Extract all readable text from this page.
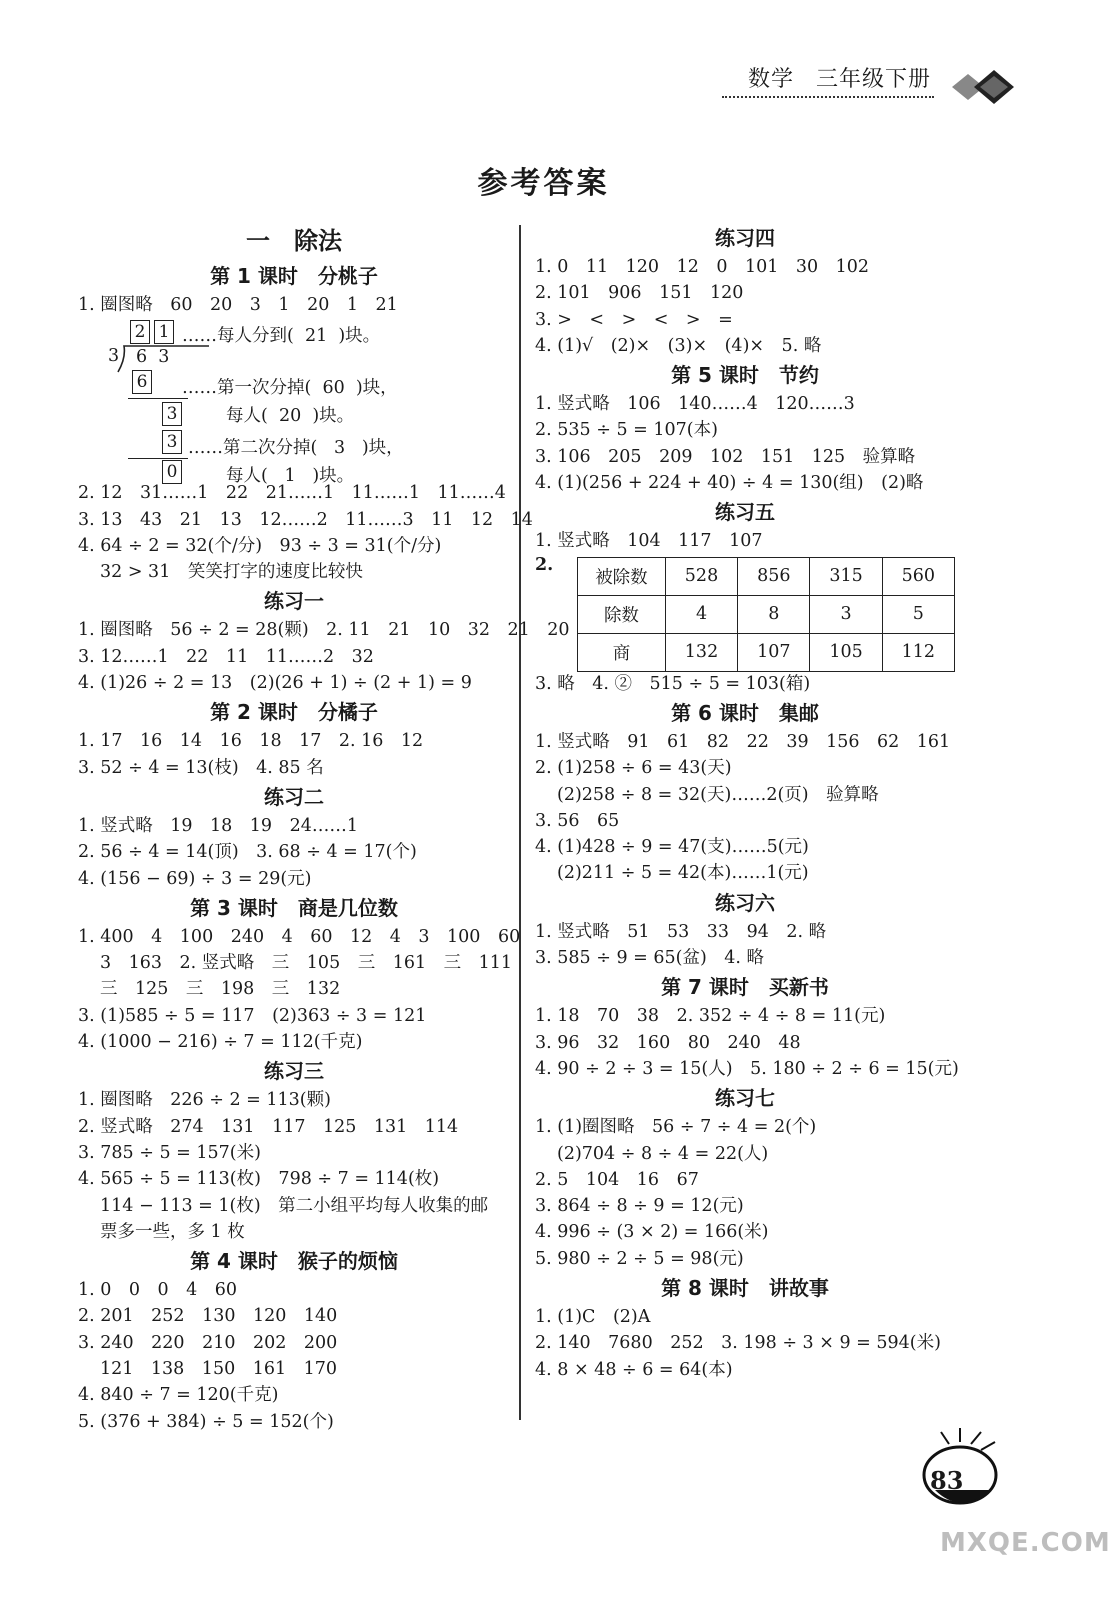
数学 三年级下册
参考答案
一　除法
第 1 课时　分桃子
1. 圈图略　60　20　3　1　20　1　21
2 1 ……每人分到(  21  )块。
3 6  3
6 ……第一次分掉(  60  )块，
每人(  20  )块。
3
3 ……第二次分掉(   3   )块，
0	每人(   1   )块。
2. 12　31……1　22　21……1　11……1　11……4
3. 13　43　21　13　12……2　11……3　11　12　14
4. 64 ÷ 2 = 32(个/分)　93 ÷ 3 = 31(个/分)
32 > 31　笑笑打字的速度比较快
练习一
1. 圈图略　56 ÷ 2 = 28(颗)　2. 11　21　10　32　21　20
3. 12……1　22　11　11……2　32
4. (1)26 ÷ 2 = 13　(2)(26 + 1) ÷ (2 + 1) = 9
第 2 课时　分橘子
1. 17　16　14　16　18　17　2. 16　12
3. 52 ÷ 4 = 13(枝)　4. 85 名
练习二
1. 竖式略　19　18　19　24……1
2. 56 ÷ 4 = 14(顶)　3. 68 ÷ 4 = 17(个)
4. (156 − 69) ÷ 3 = 29(元)
第 3 课时　商是几位数
1. 400　4　100　240　4　60　12　4　3　100　60
3　163　2. 竖式略　三　105　三　161　三　111
三　125　三　198　三　132
3. (1)585 ÷ 5 = 117　(2)363 ÷ 3 = 121
4. (1000 − 216) ÷ 7 = 112(千克)
练习三
1. 圈图略　226 ÷ 2 = 113(颗)
2. 竖式略　274　131　117　125　131　114
3. 785 ÷ 5 = 157(米)
4. 565 ÷ 5 = 113(枚)　798 ÷ 7 = 114(枚)
114 − 113 = 1(枚)　第二小组平均每人收集的邮
票多一些，多 1 枚
第 4 课时　猴子的烦恼
1. 0　0　0　4　60
2. 201　252　130　120　140
3. 240　220　210　202　200
121　138　150　161　170
4. 840 ÷ 7 = 120(千克)
5. (376 + 384) ÷ 5 = 152(个)
练习四
1. 0　11　120　12　0　101　30　102
2. 101　906　151　120
3. >　<　>　<　>　=
4. (1)√　(2)×　(3)×　(4)×　5. 略
第 5 课时　节约
1. 竖式略　106　140……4　120……3
2. 535 ÷ 5 = 107(本)
3. 106　205　209　102　151　125　验算略
4. (1)(256 + 224 + 40) ÷ 4 = 130(组)　(2)略
练习五
1. 竖式略　104　117　107
2.
被除数	528	856	315	560
除数	4	8	3	5
商	132	107	105	112
3. 略　4. ②　515 ÷ 5 = 103(箱)
第 6 课时　集邮
1. 竖式略　91　61　82　22　39　156　62　161
2. (1)258 ÷ 6 = 43(天)
(2)258 ÷ 8 = 32(天)……2(页)　验算略
3. 56　65
4. (1)428 ÷ 9 = 47(支)……5(元)
(2)211 ÷ 5 = 42(本)……1(元)
练习六
1. 竖式略　51　53　33　94　2. 略
3. 585 ÷ 9 = 65(盆)　4. 略
第 7 课时　买新书
1. 18　70　38　2. 352 ÷ 4 ÷ 8 = 11(元)
3. 96　32　160　80　240　48
4. 90 ÷ 2 ÷ 3 = 15(人)　5. 180 ÷ 2 ÷ 6 = 15(元)
练习七
1. (1)圈图略　56 ÷ 7 ÷ 4 = 2(个)
(2)704 ÷ 8 ÷ 4 = 22(人)
2. 5　104　16　67
3. 864 ÷ 8 ÷ 9 = 12(元)
4. 996 ÷ (3 × 2) = 166(米)
5. 980 ÷ 2 ÷ 5 = 98(元)
第 8 课时　讲故事
1. (1)C　(2)A
2. 140　7680　252　3. 198 ÷ 3 × 9 = 594(米)
4. 8 × 48 ÷ 6 = 64(本)
83
MXQE.COM
